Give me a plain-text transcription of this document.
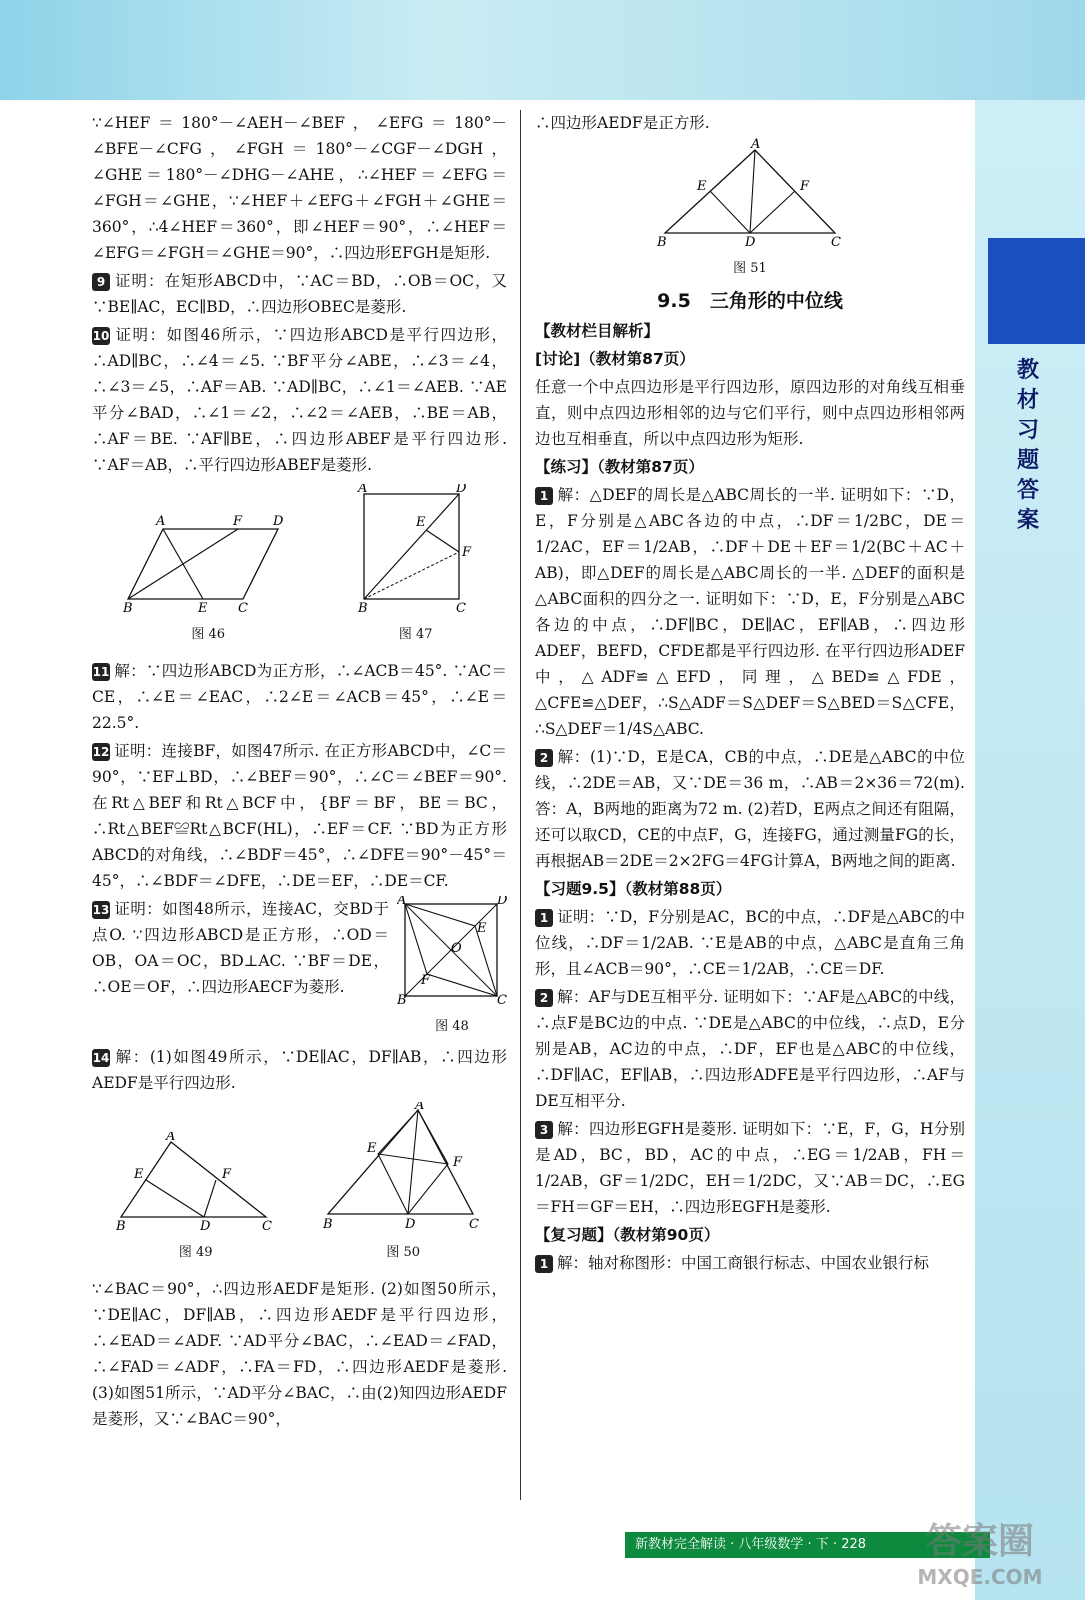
教材习题答案

∵∠HEF＝180°－∠AEH－∠BEF，∠EFG＝180°－∠BFE－∠CFG，∠FGH＝180°－∠CGF－∠DGH，∠GHE＝180°－∠DHG－∠AHE，∴∠HEF＝∠EFG＝∠FGH＝∠GHE，∵∠HEF＋∠EFG＋∠FGH＋∠GHE＝360°，∴4∠HEF＝360°，即∠HEF＝90°，∴∠HEF＝∠EFG＝∠FGH＝∠GHE＝90°，∴四边形EFGH是矩形.

9 证明：在矩形ABCD中，∵AC＝BD，∴OB＝OC，又∵BE∥AC，EC∥BD，∴四边形OBEC是菱形.

10 证明：如图46所示，∵四边形ABCD是平行四边形，∴AD∥BC，∴∠4＝∠5. ∵BF平分∠ABE，∴∠3＝∠4，∴∠3＝∠5，∴AF＝AB. ∵AD∥BC，∴∠1＝∠AEB. ∵AE平分∠BAD，∴∠1＝∠2，∴∠2＝∠AEB，∴BE＝AB，∴AF＝BE. ∵AF∥BE，∴四边形ABEF是平行四边形. ∵AF＝AB，∴平行四边形ABEF是菱形.

A	F D
B	E C
图 46
A	D
E
F
B	C
图 47

11 解：∵四边形ABCD为正方形，∴∠ACB＝45°. ∵AC＝CE，∴∠E＝∠EAC，∴2∠E＝∠ACB＝45°，∴∠E＝22.5°.

12 证明：连接BF，如图47所示. 在正方形ABCD中，∠C＝90°，∵EF⊥BD，∴∠BEF＝90°，∴∠C＝∠BEF＝90°. 在Rt△BEF和Rt△BCF中，{BF＝BF，BE＝BC，∴Rt△BEF≌Rt△BCF(HL)，∴EF＝CF. ∵BD为正方形ABCD的对角线，∴∠BDF＝45°，∴∠DFE＝90°－45°＝45°，∴∠BDF＝∠DFE，∴DE＝EF，∴DE＝CF.

13 证明：如图48所示，连接AC，交BD于点O. ∵四边形ABCD是正方形，∴OD＝OB，OA＝OC，BD⊥AC. ∵BF＝DE，∴OE＝OF，∴四边形AECF为菱形.

A	D
E
O
F
B	C
图 48

14 解：(1)如图49所示，∵DE∥AC，DF∥AB，∴四边形AEDF是平行四边形.

A
E	F
B	D	C
图 49
A
E
F
B	D	C
图 50

∵∠BAC＝90°，∴四边形AEDF是矩形. (2)如图50所示，∵DE∥AC，DF∥AB，∴四边形AEDF是平行四边形，∴∠EAD＝∠ADF. ∵AD平分∠BAC，∴∠EAD＝∠FAD，∴∠FAD＝∠ADF，∴FA＝FD，∴四边形AEDF是菱形. (3)如图51所示，∵AD平分∠BAC，∴由(2)知四边形AEDF是菱形，又∵∠BAC＝90°，

∴四边形AEDF是正方形.

A
E	F
B	D	C
图 51
9.5　三角形的中位线

【教材栏目解析】

[讨论]（教材第87页）

任意一个中点四边形是平行四边形，原四边形的对角线互相垂直，则中点四边形相邻的边与它们平行，则中点四边形相邻两边也互相垂直，所以中点四边形为矩形.

【练习】（教材第87页）

1 解：△DEF的周长是△ABC周长的一半. 证明如下：∵D，E，F分别是△ABC各边的中点，∴DF＝1/2BC，DE＝1/2AC，EF＝1/2AB，∴DF＋DE＋EF＝1/2(BC＋AC＋AB)，即△DEF的周长是△ABC周长的一半. △DEF的面积是△ABC面积的四分之一. 证明如下：∵D，E，F分别是△ABC各边的中点，∴DF∥BC，DE∥AC，EF∥AB，∴四边形ADEF，BEFD，CFDE都是平行四边形. 在平行四边形ADEF中，△ADF≌△EFD，同理，△BED≌△FDE，△CFE≌△DEF，∴S△ADF＝S△DEF＝S△BED＝S△CFE，∴S△DEF＝1/4S△ABC.

2 解：(1)∵D，E是CA，CB的中点，∴DE是△ABC的中位线，∴2DE＝AB，又∵DE＝36 m，∴AB＝2×36＝72(m). 答：A，B两地的距离为72 m. (2)若D，E两点之间还有阻隔，还可以取CD，CE的中点F，G，连接FG，通过测量FG的长，再根据AB＝2DE＝2×2FG＝4FG计算A，B两地之间的距离.

【习题9.5】（教材第88页）

1 证明：∵D，F分别是AC，BC的中点，∴DF是△ABC的中位线，∴DF＝1/2AB. ∵E是AB的中点，△ABC是直角三角形，且∠ACB＝90°，∴CE＝1/2AB，∴CE＝DF.

2 解：AF与DE互相平分. 证明如下：∵AF是△ABC的中线，∴点F是BC边的中点. ∵DE是△ABC的中位线，∴点D，E分别是AB，AC边的中点，∴DF，EF也是△ABC的中位线，∴DF∥AC，EF∥AB，∴四边形ADFE是平行四边形，∴AF与DE互相平分.

3 解：四边形EGFH是菱形. 证明如下：∵E，F，G，H分别是AD，BC，BD，AC的中点，∴EG＝1/2AB，FH＝1/2AB，GF＝1/2DC，EH＝1/2DC，又∵AB＝DC，∴EG＝FH＝GF＝EH，∴四边形EGFH是菱形.

【复习题】（教材第90页）

1 解：轴对称图形：中国工商银行标志、中国农业银行标

新教材完全解读 · 八年级数学 · 下 · 228	答案圈
MXQE.COM
